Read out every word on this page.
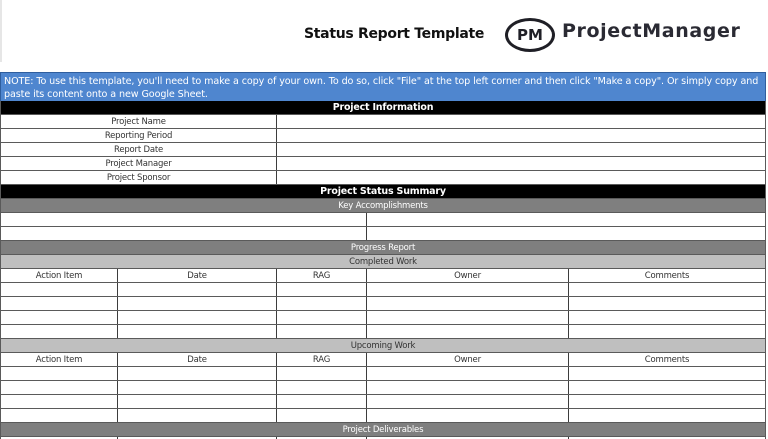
Status Report Template PM ProjectManager
NOTE: To use this template, you'll need to make a copy of your own. To do so, click "File" at the top left corner and then click "Make a copy". Or simply copy and paste its content onto a new Google Sheet.
Project Information
Project Name
Reporting Period
Report Date
Project Manager
Project Sponsor
Project Status Summary
Key Accomplishments
Progress Report
Completed Work
Action Item	Date	RAG	Owner	Comments
Upcoming Work
Action Item	Date	RAG	Owner	Comments
Project Deliverables
